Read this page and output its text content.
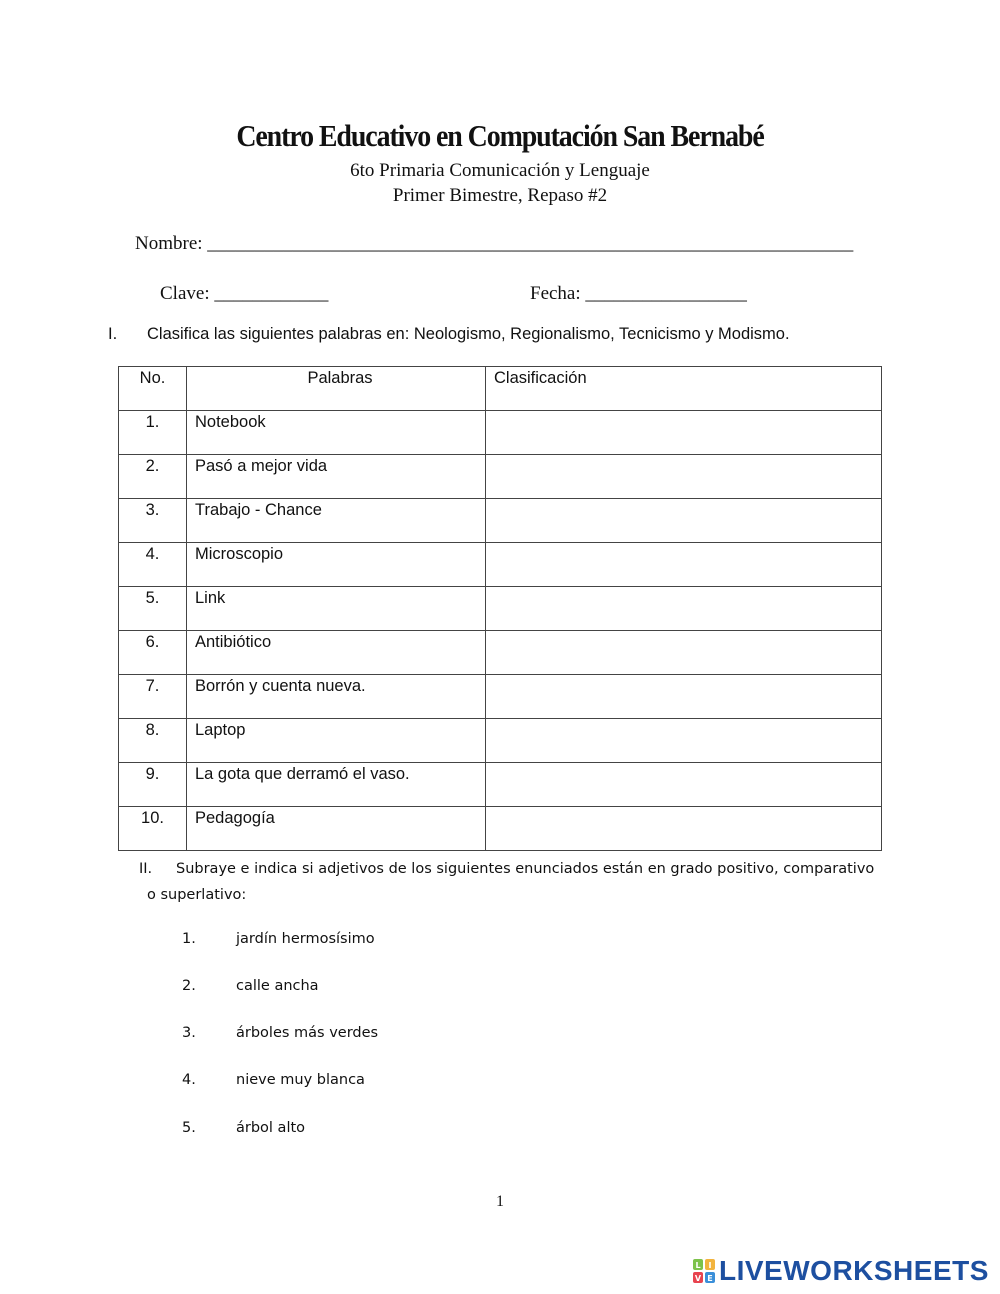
Centro Educativo en Computación San Bernabé
6to Primaria Comunicación y Lenguaje
Primer Bimestre, Repaso #2
Nombre: ____________________________________________________________________
Clave: ____________	Fecha: _________________
I. Clasifica las siguientes palabras en: Neologismo, Regionalismo, Tecnicismo y Modismo.
No.	Palabras	Clasificación
1.	Notebook	
2.	Pasó a mejor vida	
3.	Trabajo - Chance	
4.	Microscopio	
5.	Link	
6.	Antibiótico	
7.	Borrón y cuenta nueva.	
8.	Laptop	
9.	La gota que derramó el vaso.	
10.	Pedagogía	
II. Subraye e indica si adjetivos de los siguientes enunciados están en grado positivo, comparativo
o superlativo:
1.	jardín hermosísimo
2.	calle ancha
3.	árboles más verdes
4.	nieve muy blanca
5.	árbol alto
1
L I
V E LIVEWORKSHEETS
